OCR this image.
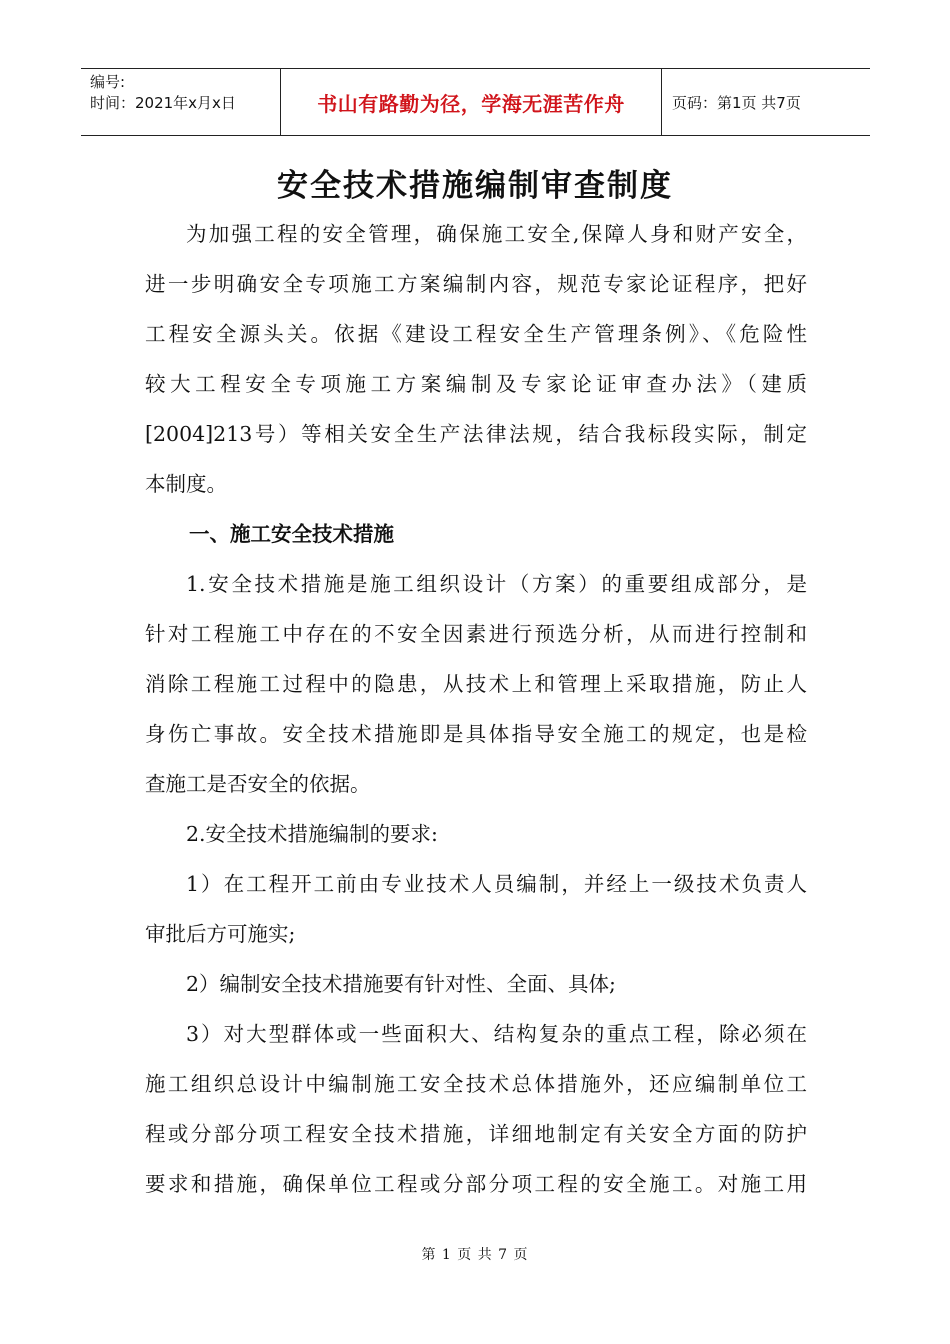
编号:
时间：2021年x月x日	书山有路勤为径，学海无涯苦作舟	页码：第1页 共7页
安全技术措施编制审查制度
为加强工程的安全管理，确保施工安全,保障人身和财产安全，
进一步明确安全专项施工方案编制内容，规范专家论证程序，把好
工程安全源头关。依据《建设工程安全生产管理条例》、《危险性
较大工程安全专项施工方案编制及专家论证审查办法》（建质
[2004]213号）等相关安全生产法律法规，结合我标段实际，制定
本制度。
一、施工安全技术措施
1.安全技术措施是施工组织设计（方案）的重要组成部分，是
针对工程施工中存在的不安全因素进行预选分析，从而进行控制和
消除工程施工过程中的隐患，从技术上和管理上采取措施，防止人
身伤亡事故。安全技术措施即是具体指导安全施工的规定，也是检
查施工是否安全的依据。
2.安全技术措施编制的要求:
1）在工程开工前由专业技术人员编制，并经上一级技术负责人
审批后方可施实;
2）编制安全技术措施要有针对性、全面、具体;
3）对大型群体或一些面积大、结构复杂的重点工程，除必须在
施工组织总设计中编制施工安全技术总体措施外，还应编制单位工
程或分部分项工程安全技术措施，详细地制定有关安全方面的防护
要求和措施，确保单位工程或分部分项工程的安全施工。对施工用
第 1 页 共 7 页
